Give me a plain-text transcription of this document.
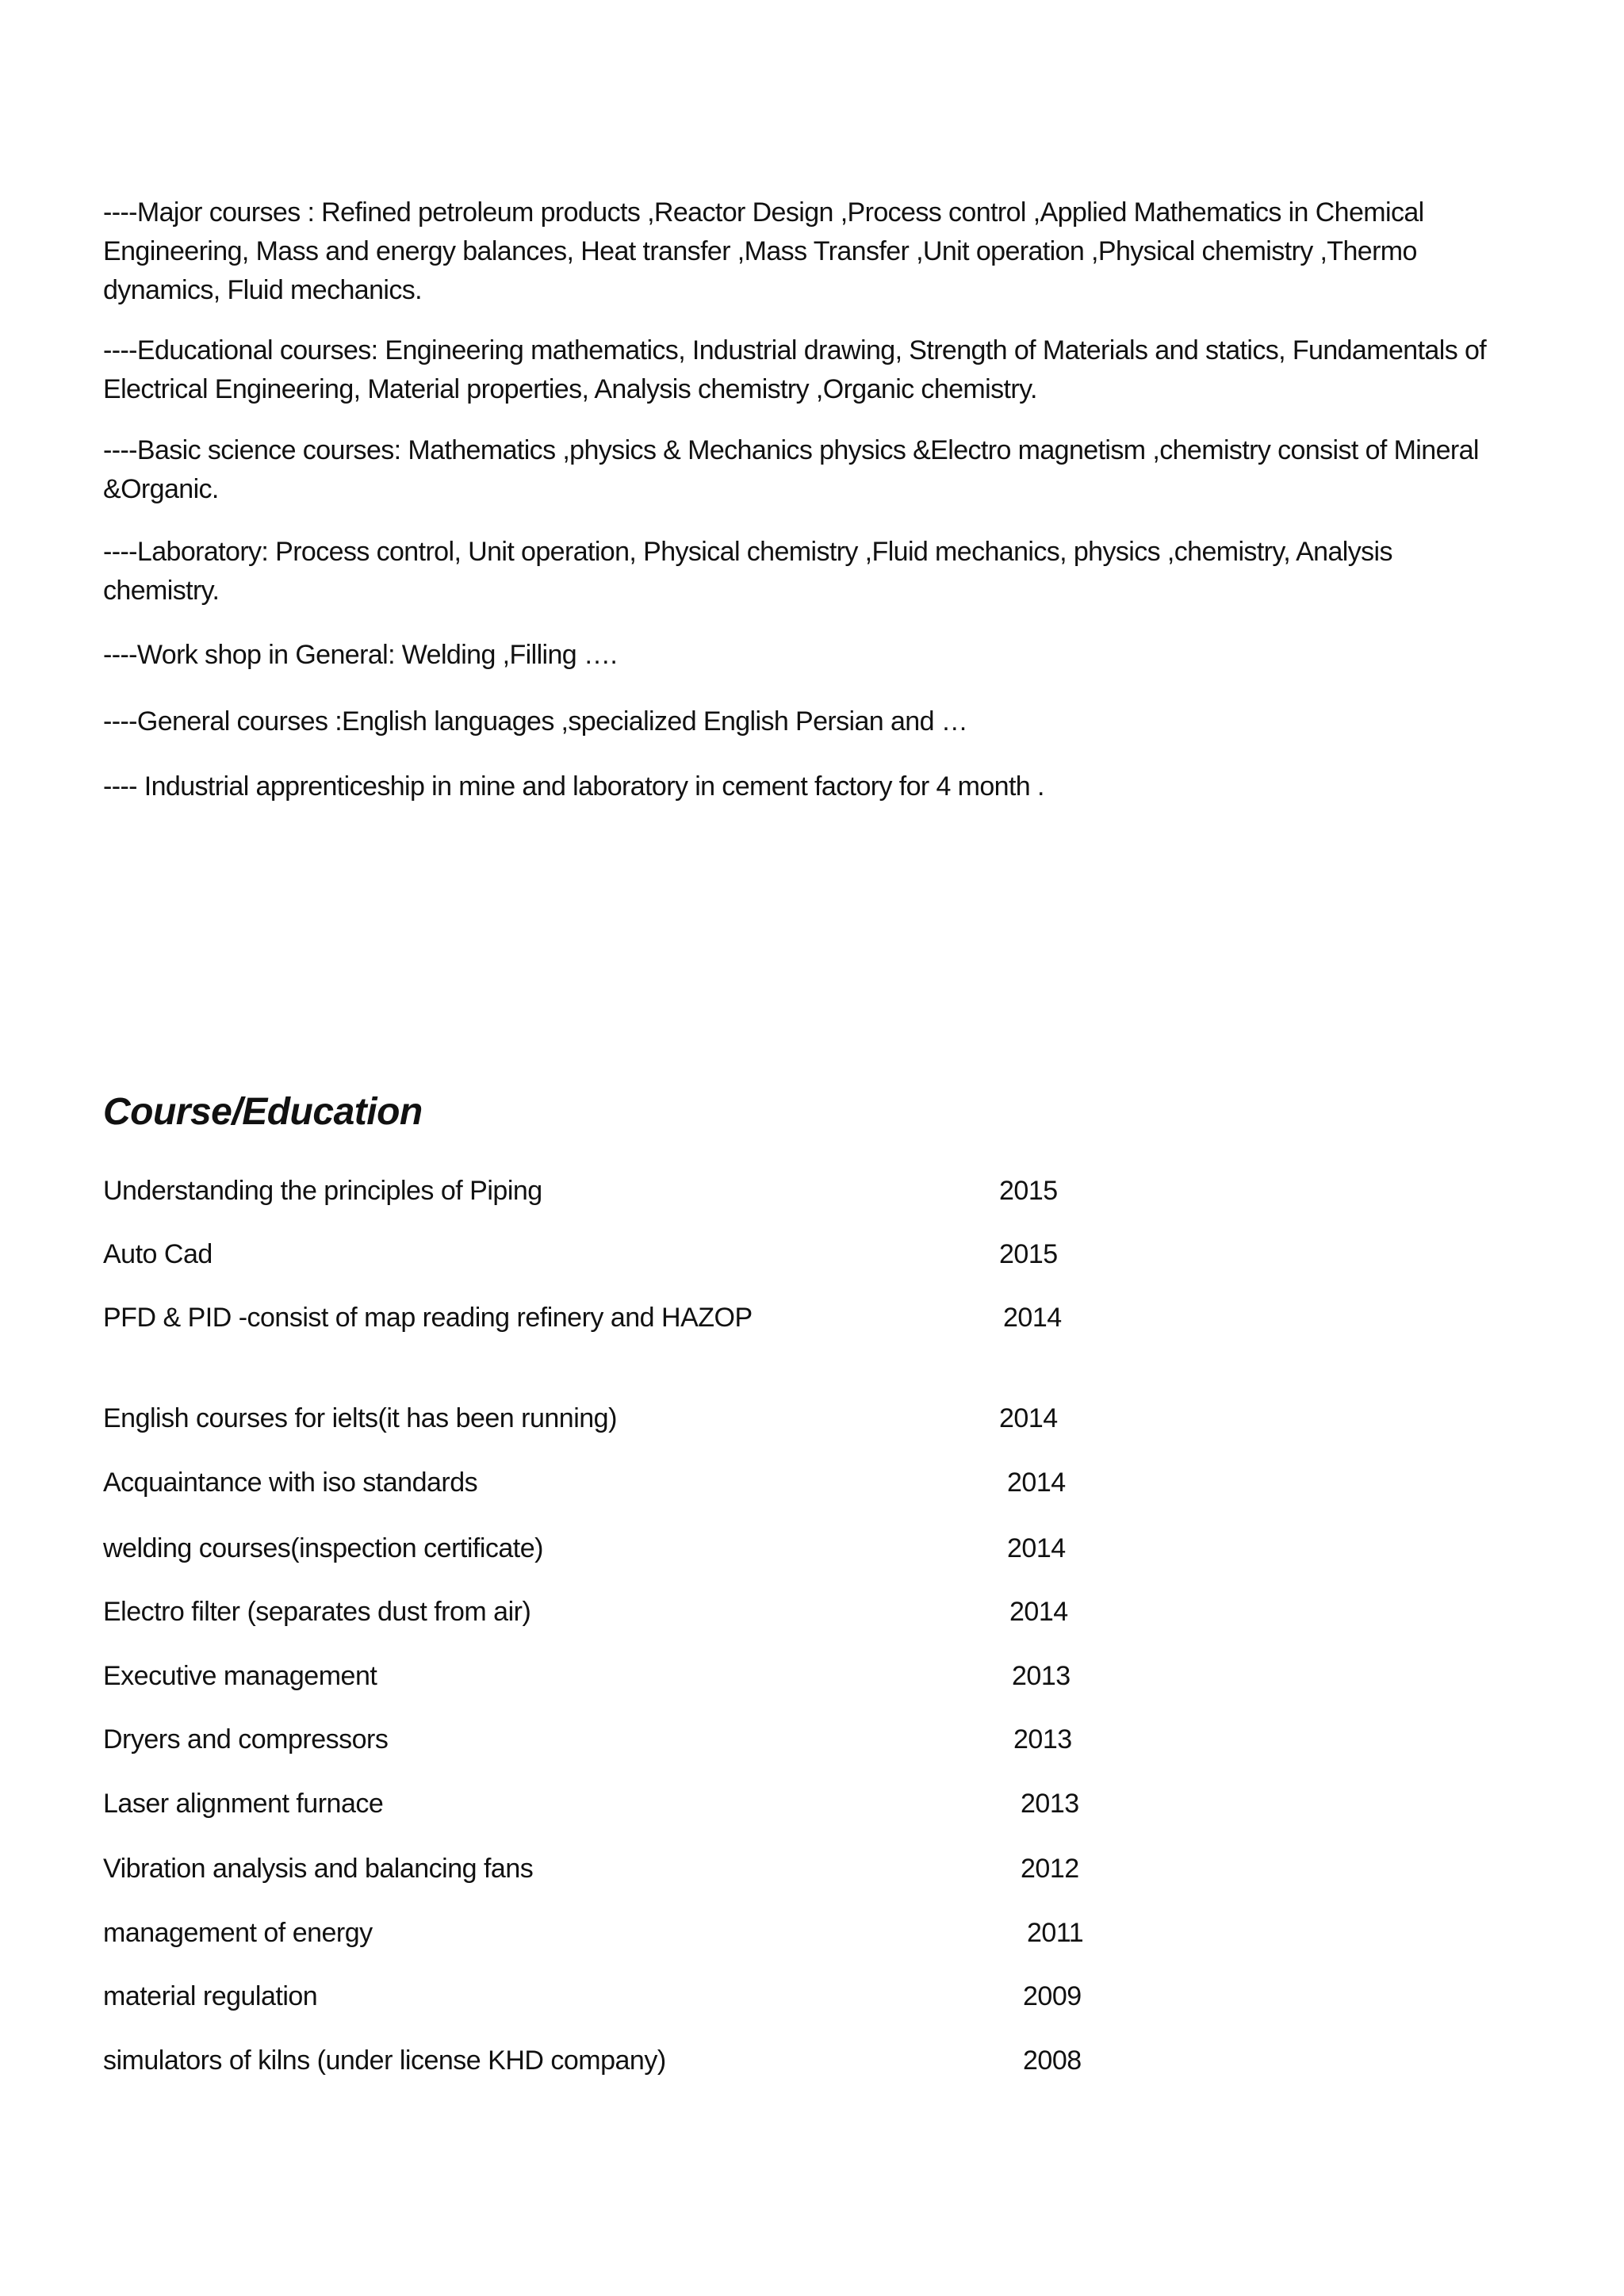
----Major courses : Refined petroleum products ,Reactor Design ,Process control ,Applied Mathematics in Chemical Engineering, Mass and energy balances, Heat transfer ,Mass Transfer ,Unit operation ,Physical chemistry ,Thermo dynamics, Fluid mechanics.

----Educational courses: Engineering mathematics, Industrial drawing, Strength of Materials and statics, Fundamentals of Electrical Engineering, Material properties, Analysis chemistry ,Organic chemistry.

----Basic science courses: Mathematics ,physics & Mechanics physics &Electro magnetism ,chemistry consist of Mineral &Organic.

----Laboratory: Process control, Unit operation, Physical chemistry ,Fluid mechanics, physics ,chemistry, Analysis chemistry.

----Work shop in General: Welding ,Filling ….

----General courses :English languages ,specialized English Persian and …

---- Industrial apprenticeship in mine and laboratory in cement factory for 4 month .

Course/Education
Understanding the principles of Piping	2015
Auto Cad	2015
PFD & PID -consist of map reading refinery and HAZOP	2014
English courses for ielts(it has been running)	2014
Acquaintance with iso standards	2014
welding courses(inspection certificate)	2014
Electro filter (separates dust from air)	2014
Executive management	2013
Dryers and compressors	2013
Laser alignment furnace	2013
Vibration analysis and balancing fans	2012
management of energy	2011
material regulation	2009
simulators of kilns (under license KHD company)	2008
